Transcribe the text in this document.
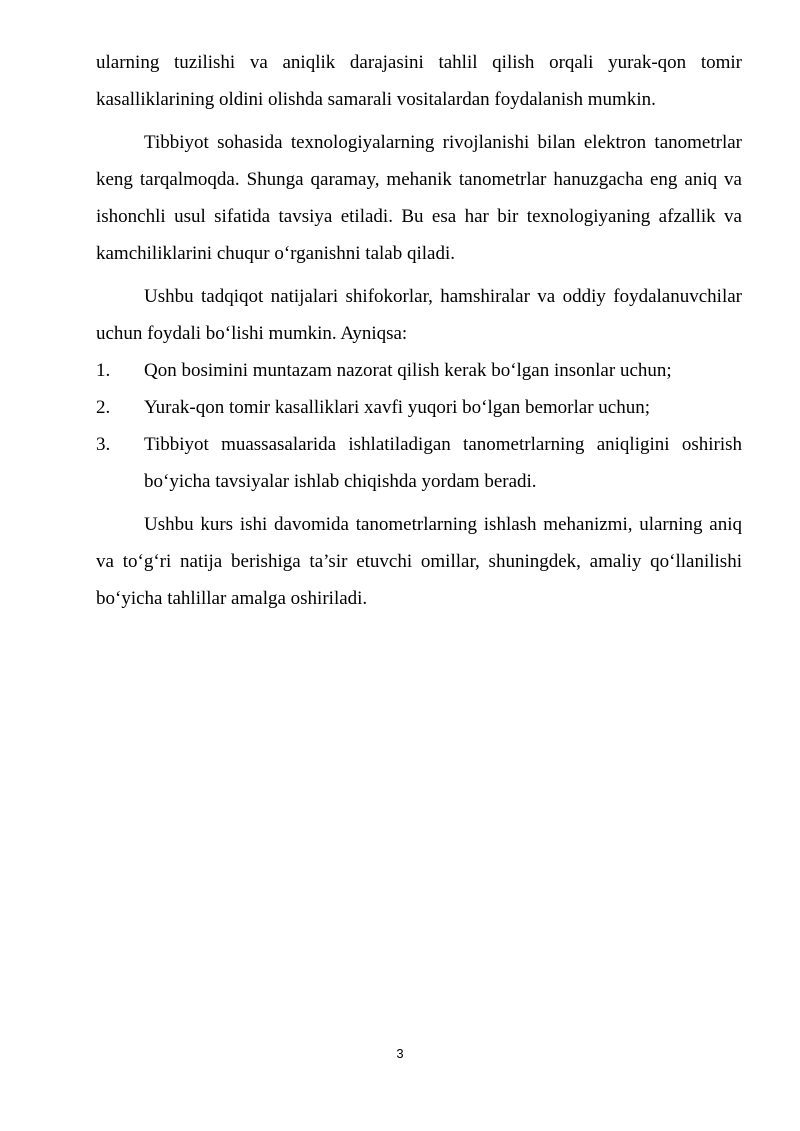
ularning tuzilishi va aniqlik darajasini tahlil qilish orqali yurak-qon tomir kasalliklarining oldini olishda samarali vositalardan foydalanish mumkin.

Tibbiyot sohasida texnologiyalarning rivojlanishi bilan elektron tanometrlar keng tarqalmoqda. Shunga qaramay, mehanik tanometrlar hanuzgacha eng aniq va ishonchli usul sifatida tavsiya etiladi. Bu esa har bir texnologiyaning afzallik va kamchiliklarini chuqur o‘rganishni talab qiladi.

Ushbu tadqiqot natijalari shifokorlar, hamshiralar va oddiy foydalanuvchilar uchun foydali bo‘lishi mumkin. Ayniqsa:

1.	Qon bosimini muntazam nazorat qilish kerak bo‘lgan insonlar uchun;
2.	Yurak-qon tomir kasalliklari xavfi yuqori bo‘lgan bemorlar uchun;
3.	Tibbiyot muassasalarida ishlatiladigan tanometrlarning aniqligini oshirish bo‘yicha tavsiyalar ishlab chiqishda yordam beradi.

Ushbu kurs ishi davomida tanometrlarning ishlash mehanizmi, ularning aniq va to‘g‘ri natija berishiga ta’sir etuvchi omillar, shuningdek, amaliy qo‘llanilishi bo‘yicha tahlillar amalga oshiriladi.

3
